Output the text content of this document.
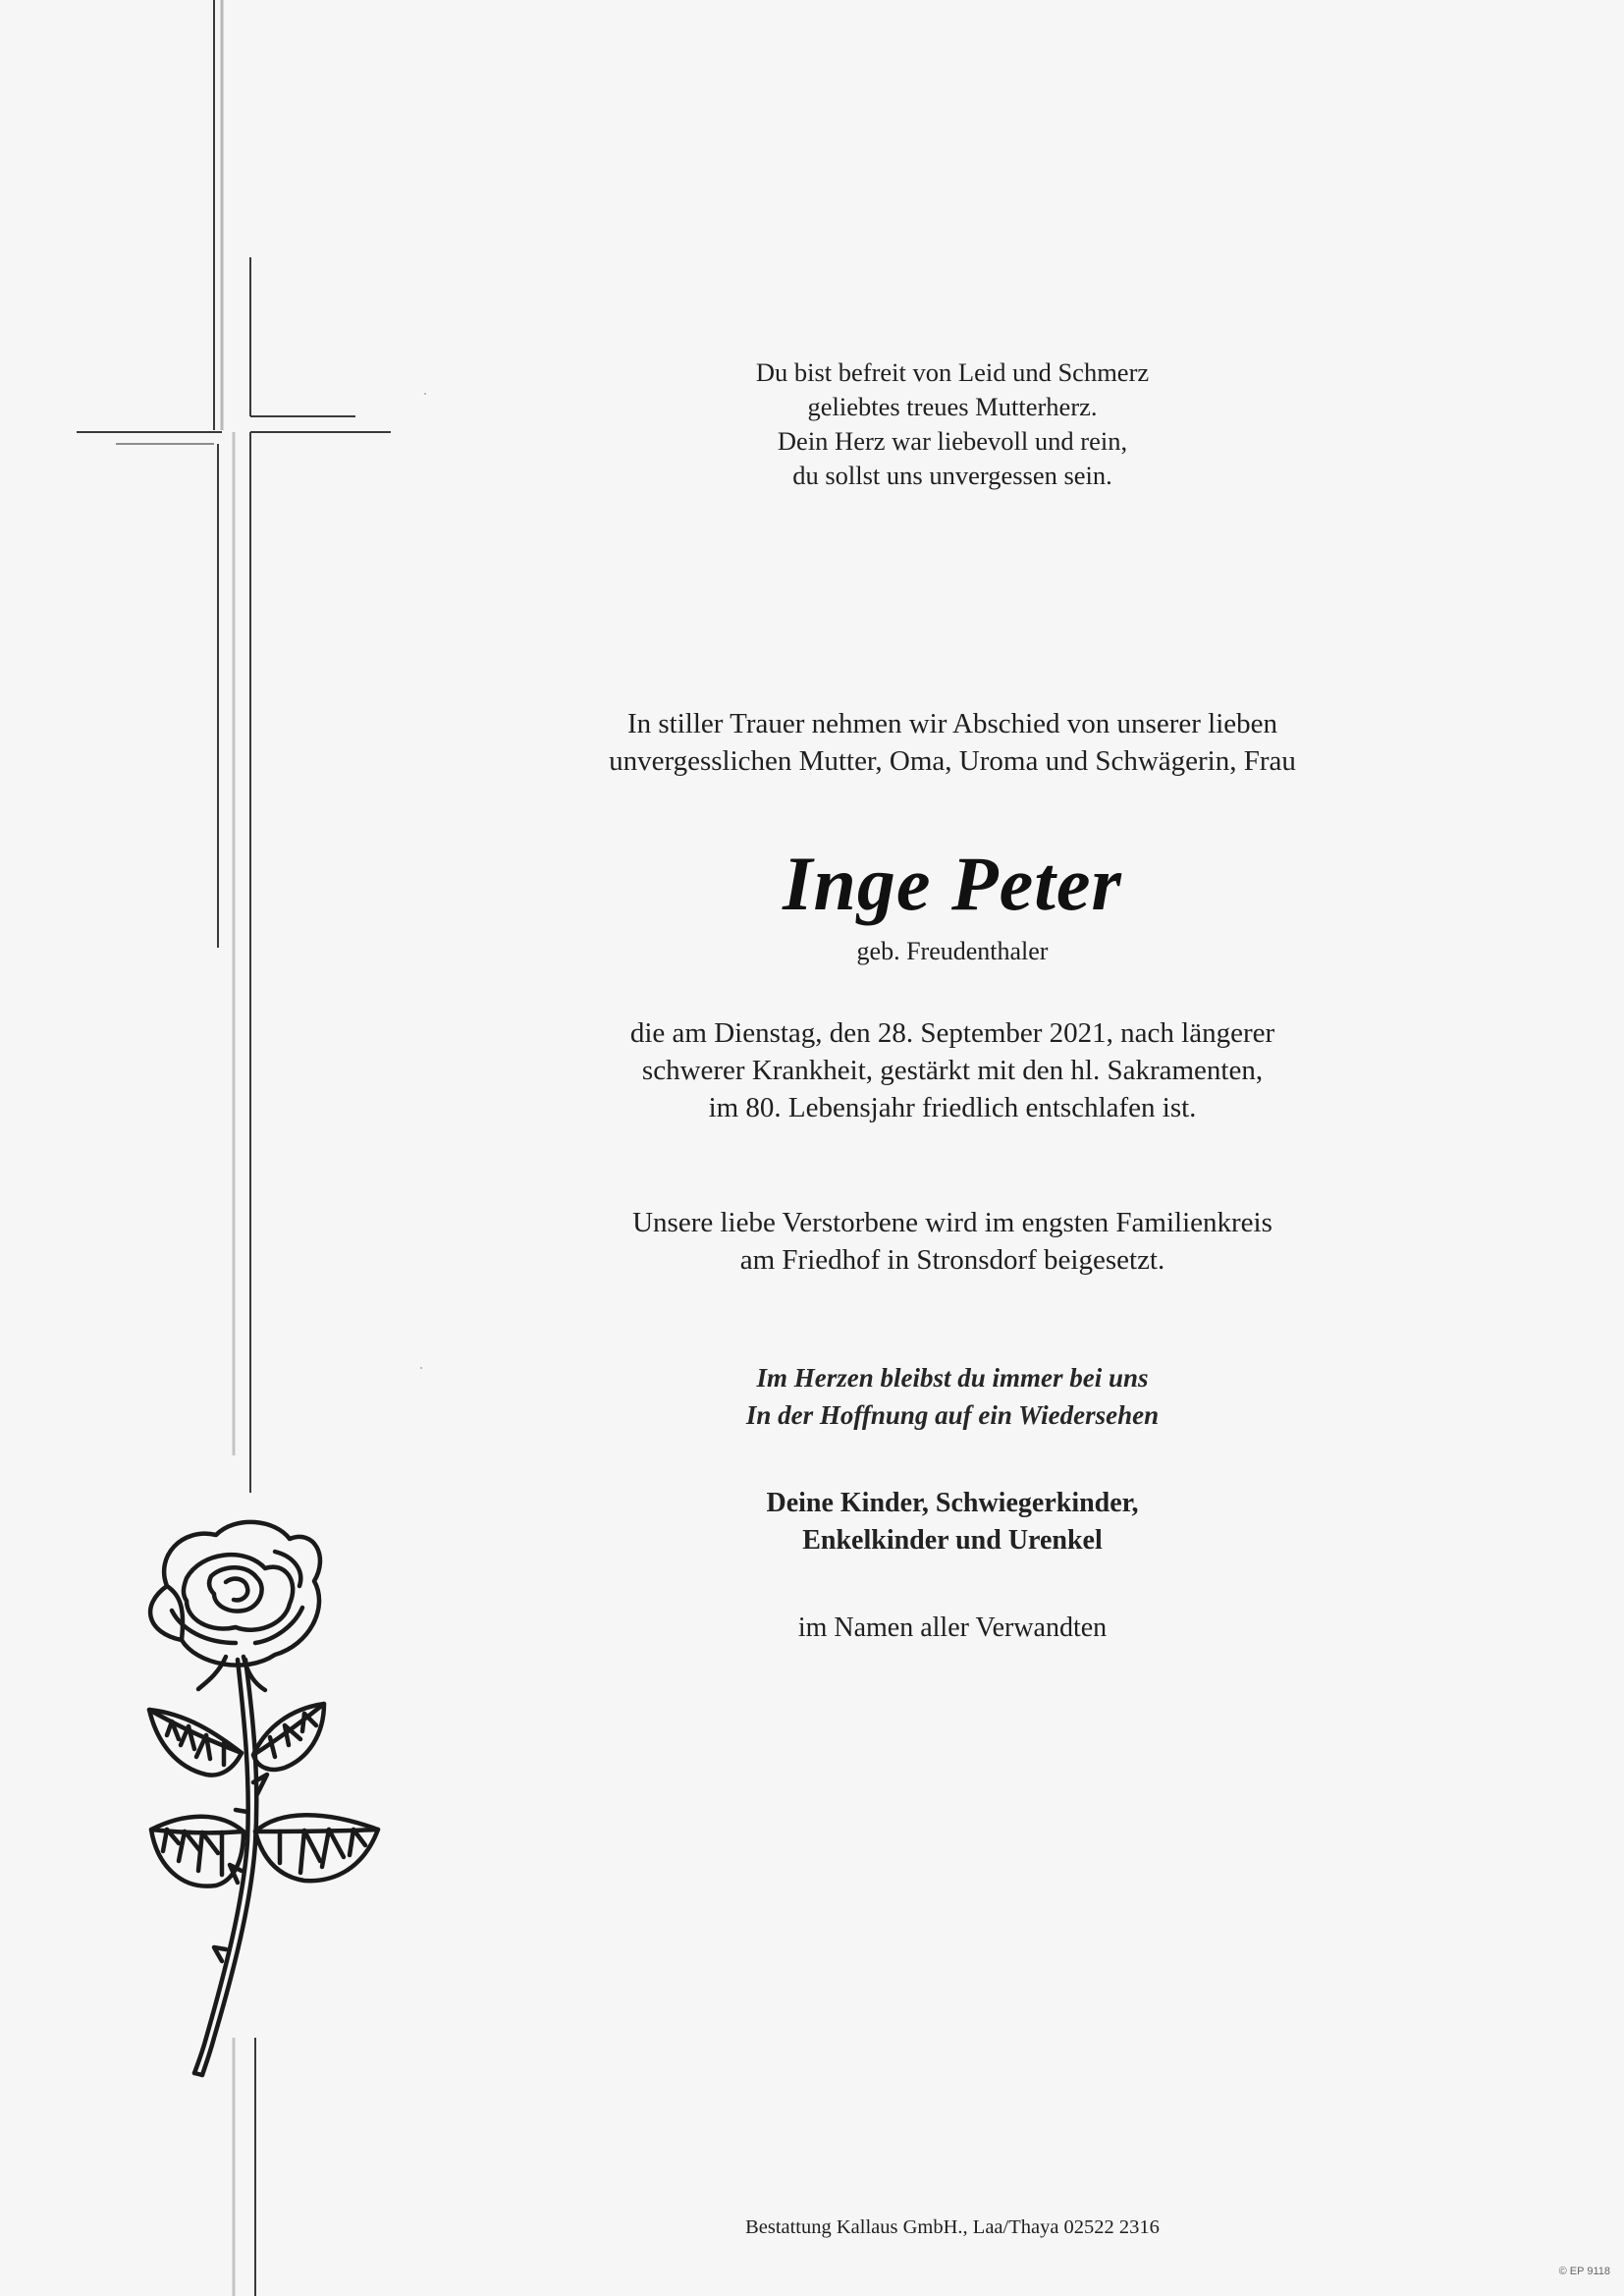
Du bist befreit von Leid und Schmerz
geliebtes treues Mutterherz.
Dein Herz war liebevoll und rein,
du sollst uns unvergessen sein.
In stiller Trauer nehmen wir Abschied von unserer lieben
unvergesslichen Mutter, Oma, Uroma und Schwägerin, Frau
Inge Peter
geb. Freudenthaler
die am Dienstag, den 28. September 2021, nach längerer
schwerer Krankheit, gestärkt mit den hl. Sakramenten,
im 80. Lebensjahr friedlich entschlafen ist.
Unsere liebe Verstorbene wird im engsten Familienkreis
am Friedhof in Stronsdorf beigesetzt.
Im Herzen bleibst du immer bei uns
In der Hoffnung auf ein Wiedersehen
Deine Kinder, Schwiegerkinder,
Enkelkinder und Urenkel
im Namen aller Verwandten
Bestattung Kallaus GmbH., Laa/Thaya 02522 2316
© EP 9118
